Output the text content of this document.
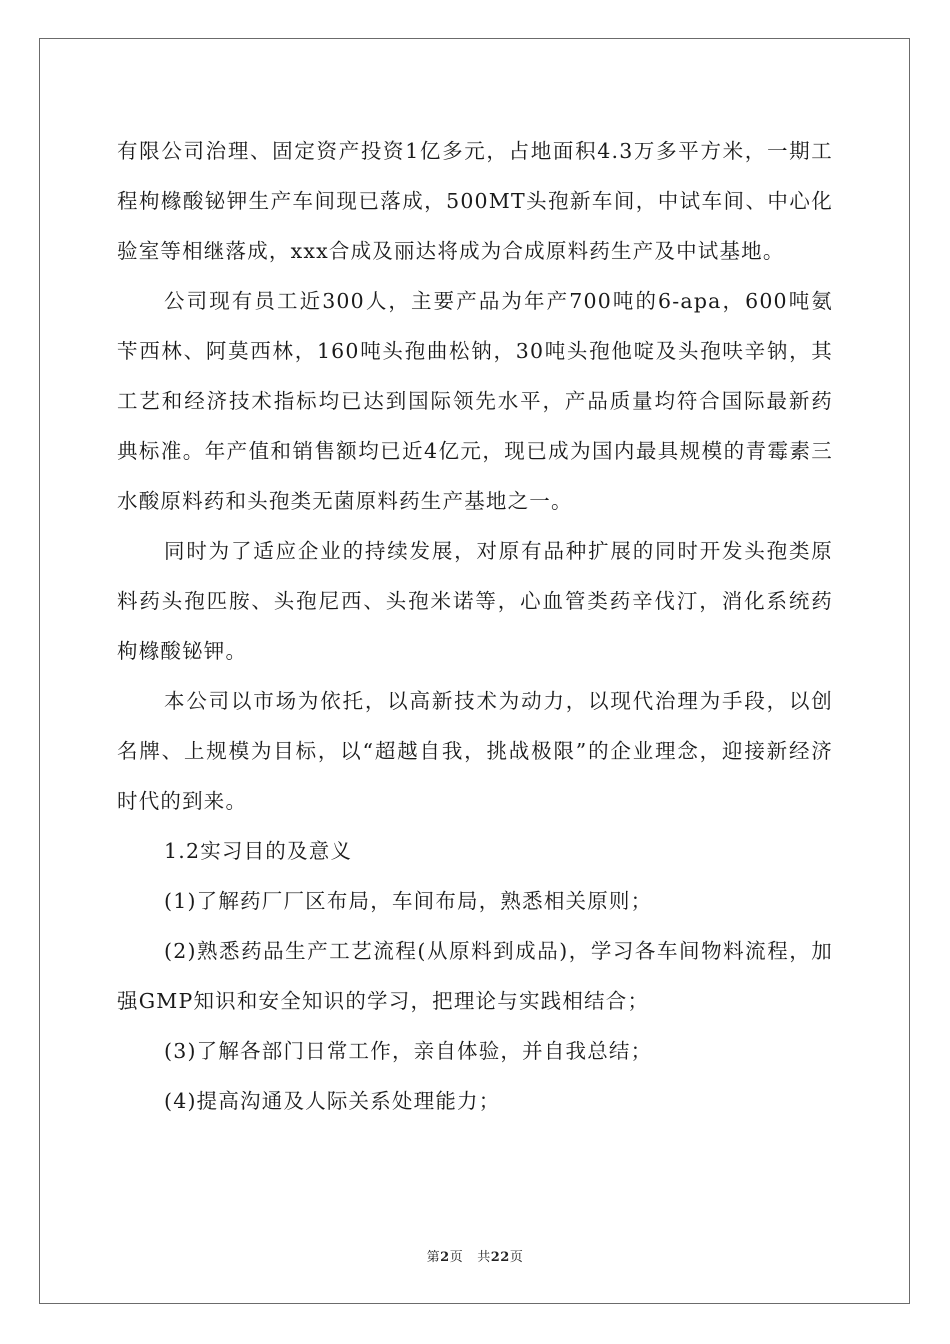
有限公司治理、固定资产投资1亿多元，占地面积4.3万多平方米，一期工程枸橼酸铋钾生产车间现已落成，500MT头孢新车间，中试车间、中心化验室等相继落成，xxx合成及丽达将成为合成原料药生产及中试基地。

公司现有员工近300人，主要产品为年产700吨的6-apa，600吨氨苄西林、阿莫西林，160吨头孢曲松钠，30吨头孢他啶及头孢呋辛钠，其工艺和经济技术指标均已达到国际领先水平，产品质量均符合国际最新药典标准。年产值和销售额均已近4亿元，现已成为国内最具规模的青霉素三水酸原料药和头孢类无菌原料药生产基地之一。

同时为了适应企业的持续发展，对原有品种扩展的同时开发头孢类原料药头孢匹胺、头孢尼西、头孢米诺等，心血管类药辛伐汀，消化系统药枸橼酸铋钾。

本公司以市场为依托，以高新技术为动力，以现代治理为手段，以创名牌、上规模为目标，以“超越自我，挑战极限”的企业理念，迎接新经济时代的到来。

1.2实习目的及意义

(1)了解药厂厂区布局，车间布局，熟悉相关原则；

(2)熟悉药品生产工艺流程(从原料到成品)，学习各车间物料流程，加强GMP知识和安全知识的学习，把理论与实践相结合；

(3)了解各部门日常工作，亲自体验，并自我总结；

(4)提高沟通及人际关系处理能力；

第2页 共22页
